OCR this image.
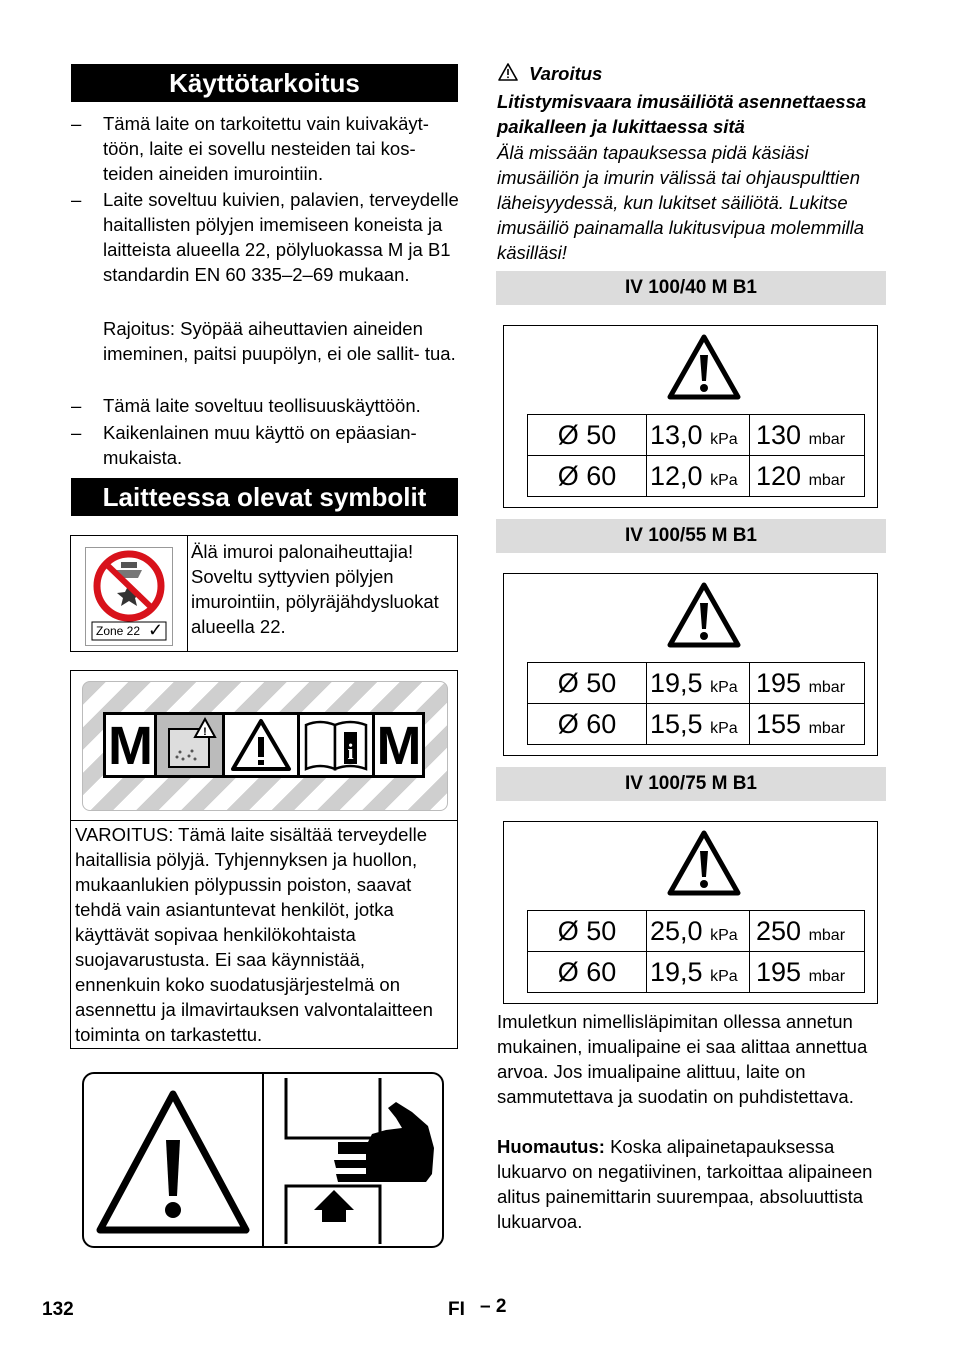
Käyttötarkoitus
– Tämä laite on tarkoitettu vain kuivakäyt- töön, laite ei sovellu nesteiden tai kos- teiden aineiden imurointiin.
– Laite soveltuu kuivien, palavien, terveydelle haitallisten pölyjen imemiseen koneista ja laitteista alueella 22, pölyluokassa M ja B1 standardin EN 60 335–2–69 mukaan.
Rajoitus: Syöpää aiheuttavien aineiden imeminen, paitsi puupölyn, ei ole sallit- tua.
– Tämä laite soveltuu teollisuuskäyttöön.
– Kaikenlainen muu käyttö on epäasian- mukaista.
Laitteessa olevat symbolit
Zone 22 ✓
Älä imuroi palonaiheuttajia! Soveltu syttyvien pölyjen imurointiin, pölyräjähdysluokat alueella 22.
M	!
i M
VAROITUS: Tämä laite sisältää terveydelle haitallisia pölyjä. Tyhjennyksen ja huollon, mukaanlukien pölypussin poiston, saavat tehdä vain asiantuntevat henkilöt, jotka käyttävät sopivaa henkilökohtaista suojavarustusta. Ei saa käynnistää, ennenkuin koko suodatusjärjestelmä on asennettu ja ilmavirtauksen valvontalaitteen toiminta on tarkastettu.
Varoitus
Litistymisvaara imusäiliötä asennettaessa paikalleen ja lukittaessa sitä
Älä missään tapauksessa pidä käsiäsi imusäiliön ja imurin välissä tai ohjauspulttien läheisyydessä, kun lukitset säiliötä. Lukitse imusäiliö painamalla lukitusvipua molemmilla käsilläsi!
IV 100/40 M B1
Ø 50	13,0 kPa	130 mbar
Ø 60	12,0 kPa	120 mbar
IV 100/55 M B1
Ø 50	19,5 kPa	195 mbar
Ø 60	15,5 kPa	155 mbar
IV 100/75 M B1
Ø 50	25,0 kPa	250 mbar
Ø 60	19,5 kPa	195 mbar
Imuletkun nimellisläpimitan ollessa annetun mukainen, imualipaine ei saa alittaa annettua arvoa. Jos imualipaine alittuu, laite on sammutettava ja suodatin on puhdistettava.
Huomautus: Koska alipainetapauksessa lukuarvo on negatiivinen, tarkoittaa alipaineen alitus painemittarin suurempaa, absoluuttista lukuarvoa.
132	FI – 2
